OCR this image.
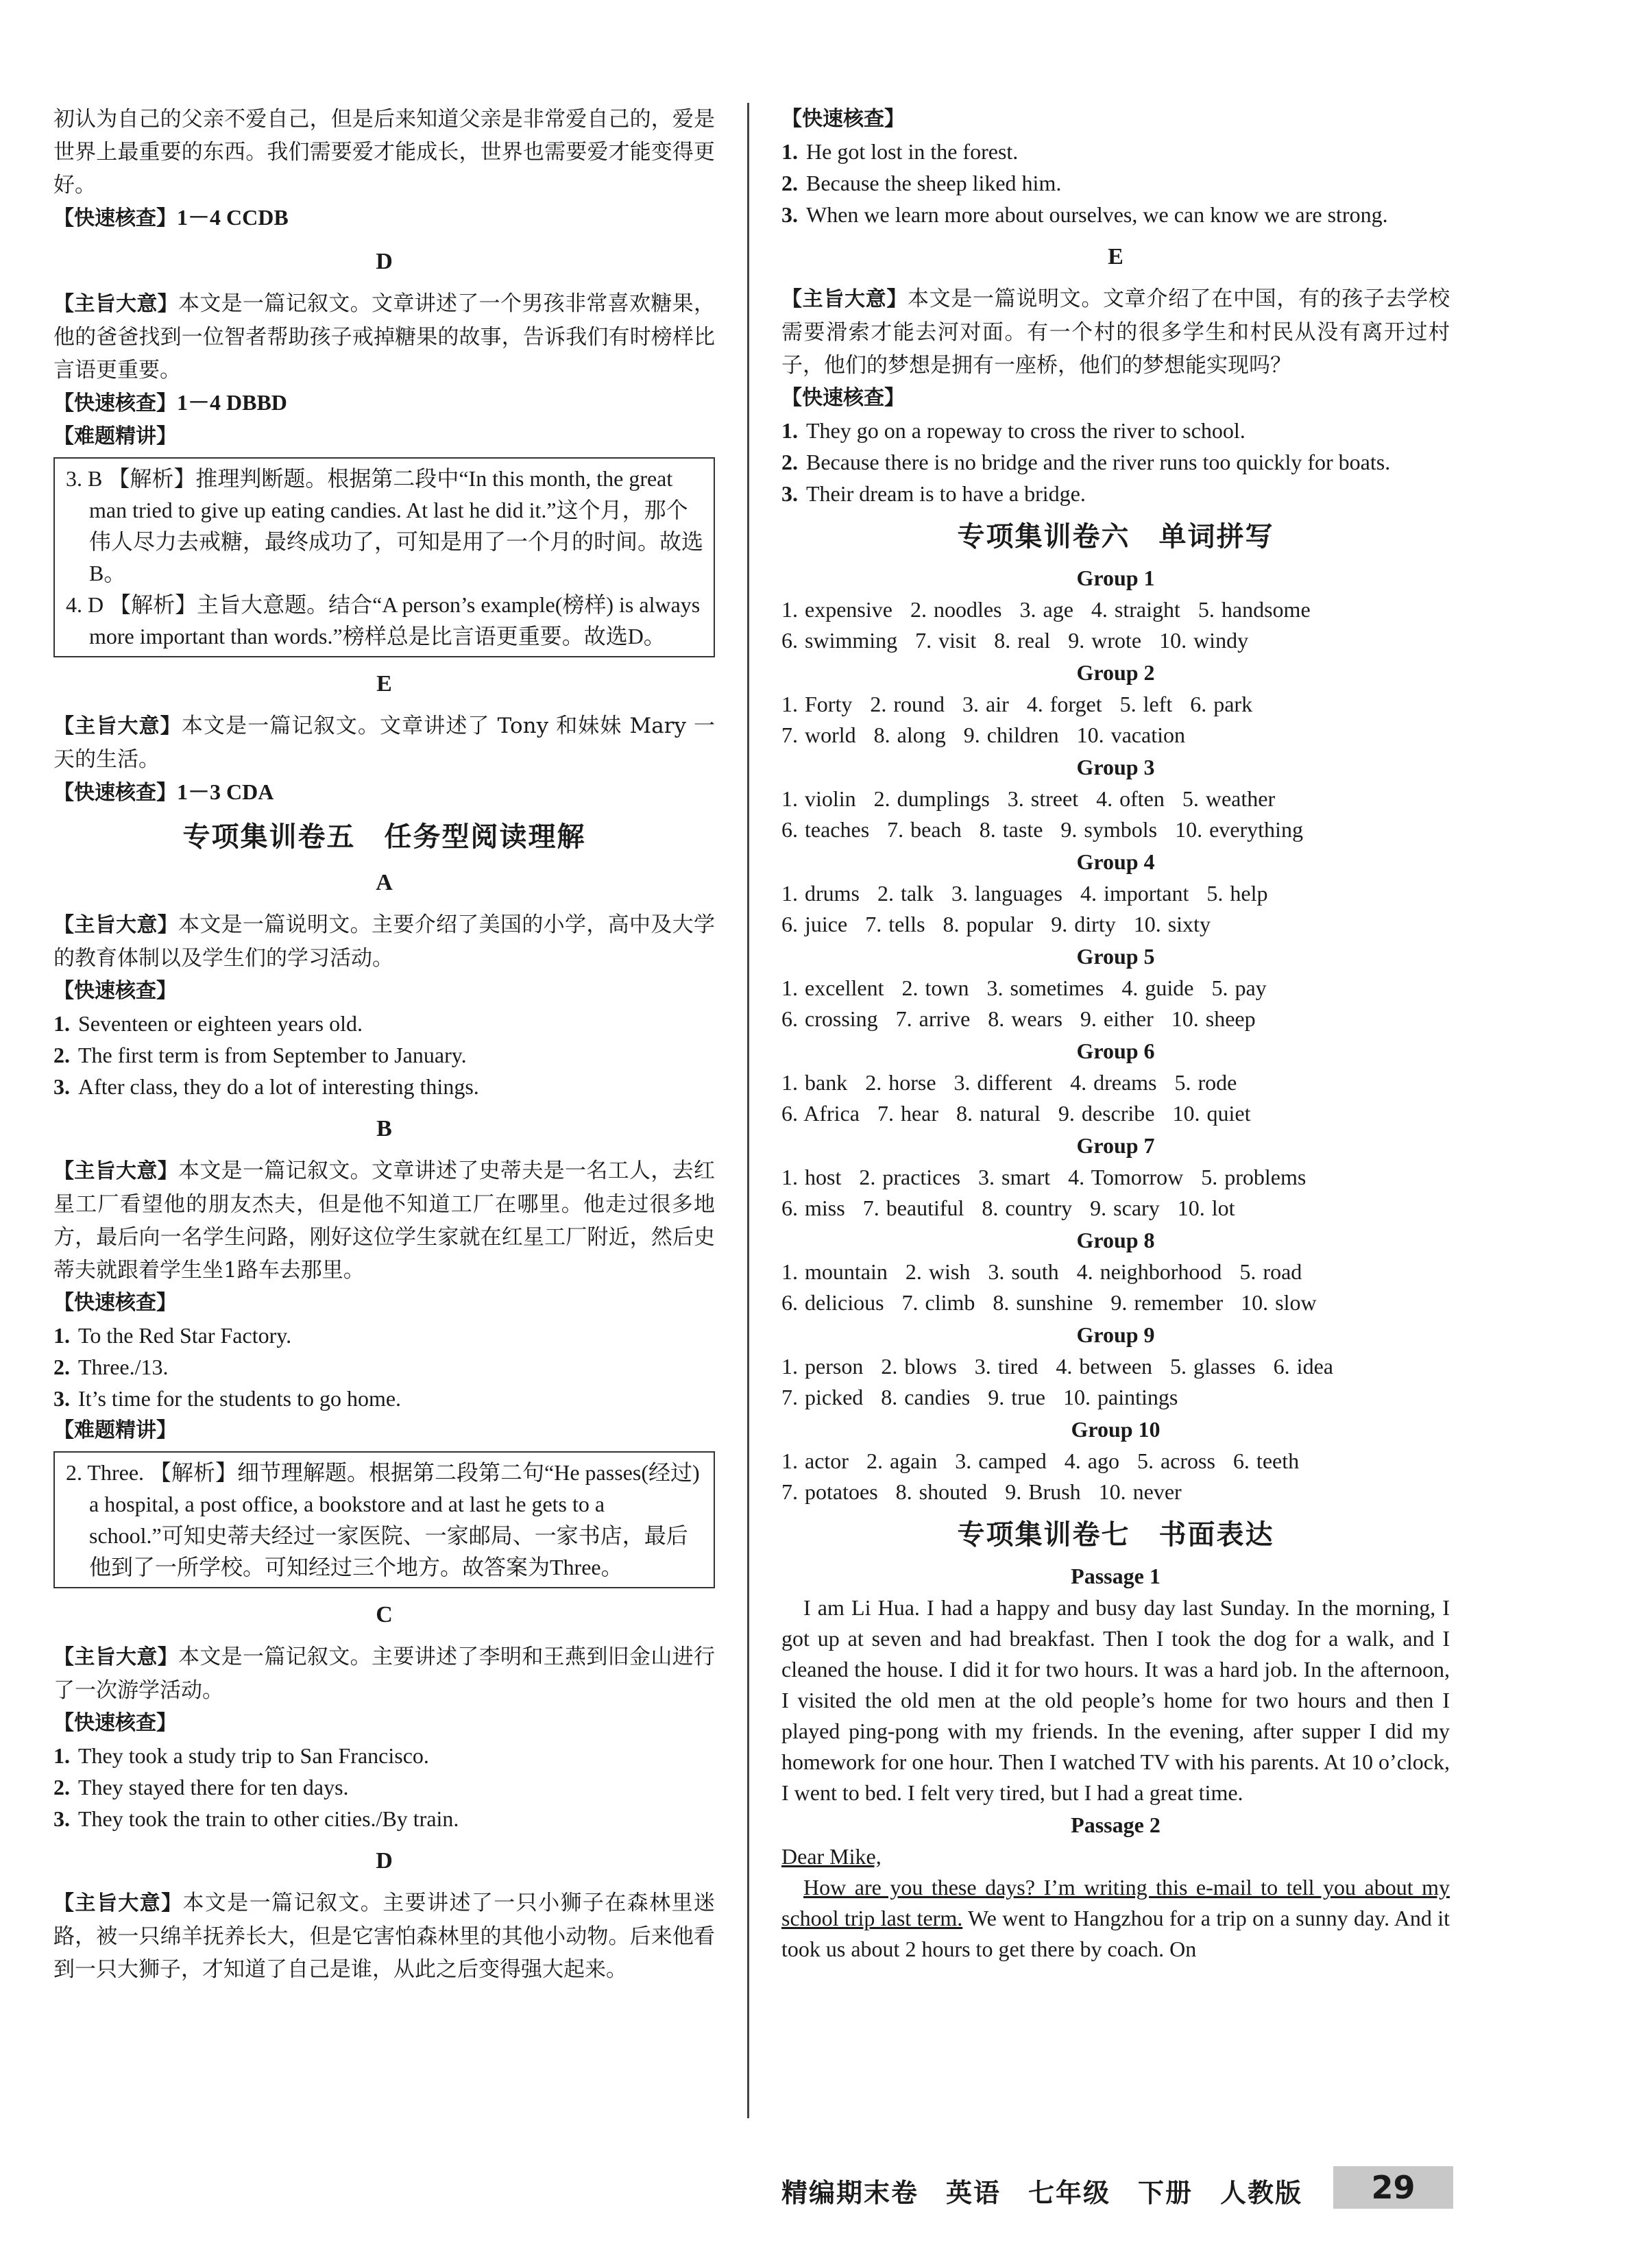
初认为自己的父亲不爱自己，但是后来知道父亲是非常爱自己的，爱是世界上最重要的东西。我们需要爱才能成长，世界也需要爱才能变得更好。

【快速核查】1－4 CCDB

D

【主旨大意】本文是一篇记叙文。文章讲述了一个男孩非常喜欢糖果，他的爸爸找到一位智者帮助孩子戒掉糖果的故事，告诉我们有时榜样比言语更重要。

【快速核查】1－4 DBBD

【难题精讲】

3. B 【解析】推理判断题。根据第二段中“In this month, the great man tried to give up eating candies. At last he did it.”这个月，那个伟人尽力去戒糖，最终成功了，可知是用了一个月的时间。故选B。

4. D 【解析】主旨大意题。结合“A person’s example(榜样) is always more important than words.”榜样总是比言语更重要。故选D。

E

【主旨大意】本文是一篇记叙文。文章讲述了 Tony 和妹妹 Mary 一天的生活。

【快速核查】1－3 CDA

专项集训卷五　任务型阅读理解
A

【主旨大意】本文是一篇说明文。主要介绍了美国的小学，高中及大学的教育体制以及学生们的学习活动。

【快速核查】

1. Seventeen or eighteen years old.

2. The first term is from September to January.

3. After class, they do a lot of interesting things.

B

【主旨大意】本文是一篇记叙文。文章讲述了史蒂夫是一名工人，去红星工厂看望他的朋友杰夫，但是他不知道工厂在哪里。他走过很多地方，最后向一名学生问路，刚好这位学生家就在红星工厂附近，然后史蒂夫就跟着学生坐1路车去那里。

【快速核查】

1. To the Red Star Factory.

2. Three./13.

3. It’s time for the students to go home.

【难题精讲】

2. Three. 【解析】细节理解题。根据第二段第二句“He passes(经过) a hospital, a post office, a bookstore and at last he gets to a school.”可知史蒂夫经过一家医院、一家邮局、一家书店，最后他到了一所学校。可知经过三个地方。故答案为Three。

C

【主旨大意】本文是一篇记叙文。主要讲述了李明和王燕到旧金山进行了一次游学活动。

【快速核查】

1. They took a study trip to San Francisco.

2. They stayed there for ten days.

3. They took the train to other cities./By train.

D

【主旨大意】本文是一篇记叙文。主要讲述了一只小狮子在森林里迷路，被一只绵羊抚养长大，但是它害怕森林里的其他小动物。后来他看到一只大狮子，才知道了自己是谁，从此之后变得强大起来。

【快速核查】

1. He got lost in the forest.

2. Because the sheep liked him.

3. When we learn more about ourselves, we can know we are strong.

E

【主旨大意】本文是一篇说明文。文章介绍了在中国，有的孩子去学校需要滑索才能去河对面。有一个村的很多学生和村民从没有离开过村子，他们的梦想是拥有一座桥，他们的梦想能实现吗？

【快速核查】

1. They go on a ropeway to cross the river to school.

2. Because there is no bridge and the river runs too quickly for boats.

3. Their dream is to have a bridge.

专项集训卷六　单词拼写
Group 1

1. expensive 2. noodles 3. age 4. straight 5. handsome

6. swimming 7. visit 8. real 9. wrote 10. windy

Group 2

1. Forty 2. round 3. air 4. forget 5. left 6. park

7. world 8. along 9. children 10. vacation

Group 3

1. violin 2. dumplings 3. street 4. often 5. weather

6. teaches 7. beach 8. taste 9. symbols 10. everything

Group 4

1. drums 2. talk 3. languages 4. important 5. help

6. juice 7. tells 8. popular 9. dirty 10. sixty

Group 5

1. excellent 2. town 3. sometimes 4. guide 5. pay

6. crossing 7. arrive 8. wears 9. either 10. sheep

Group 6

1. bank 2. horse 3. different 4. dreams 5. rode

6. Africa 7. hear 8. natural 9. describe 10. quiet

Group 7

1. host 2. practices 3. smart 4. Tomorrow 5. problems

6. miss 7. beautiful 8. country 9. scary 10. lot

Group 8

1. mountain 2. wish 3. south 4. neighborhood 5. road

6. delicious 7. climb 8. sunshine 9. remember 10. slow

Group 9

1. person 2. blows 3. tired 4. between 5. glasses 6. idea

7. picked 8. candies 9. true 10. paintings

Group 10

1. actor 2. again 3. camped 4. ago 5. across 6. teeth

7. potatoes 8. shouted 9. Brush 10. never

专项集训卷七　书面表达
Passage 1

I am Li Hua. I had a happy and busy day last Sunday. In the morning, I got up at seven and had breakfast. Then I took the dog for a walk, and I cleaned the house. I did it for two hours. It was a hard job. In the afternoon, I visited the old men at the old people’s home for two hours and then I played ping-pong with my friends. In the evening, after supper I did my homework for one hour. Then I watched TV with his parents. At 10 o’clock, I went to bed. I felt very tired, but I had a great time.

Passage 2

Dear Mike,

How are you these days? I’m writing this e-mail to tell you about my school trip last term. We went to Hangzhou for a trip on a sunny day. And it took us about 2 hours to get there by coach. On

精编期末卷　英语　七年级　下册　人教版	29
